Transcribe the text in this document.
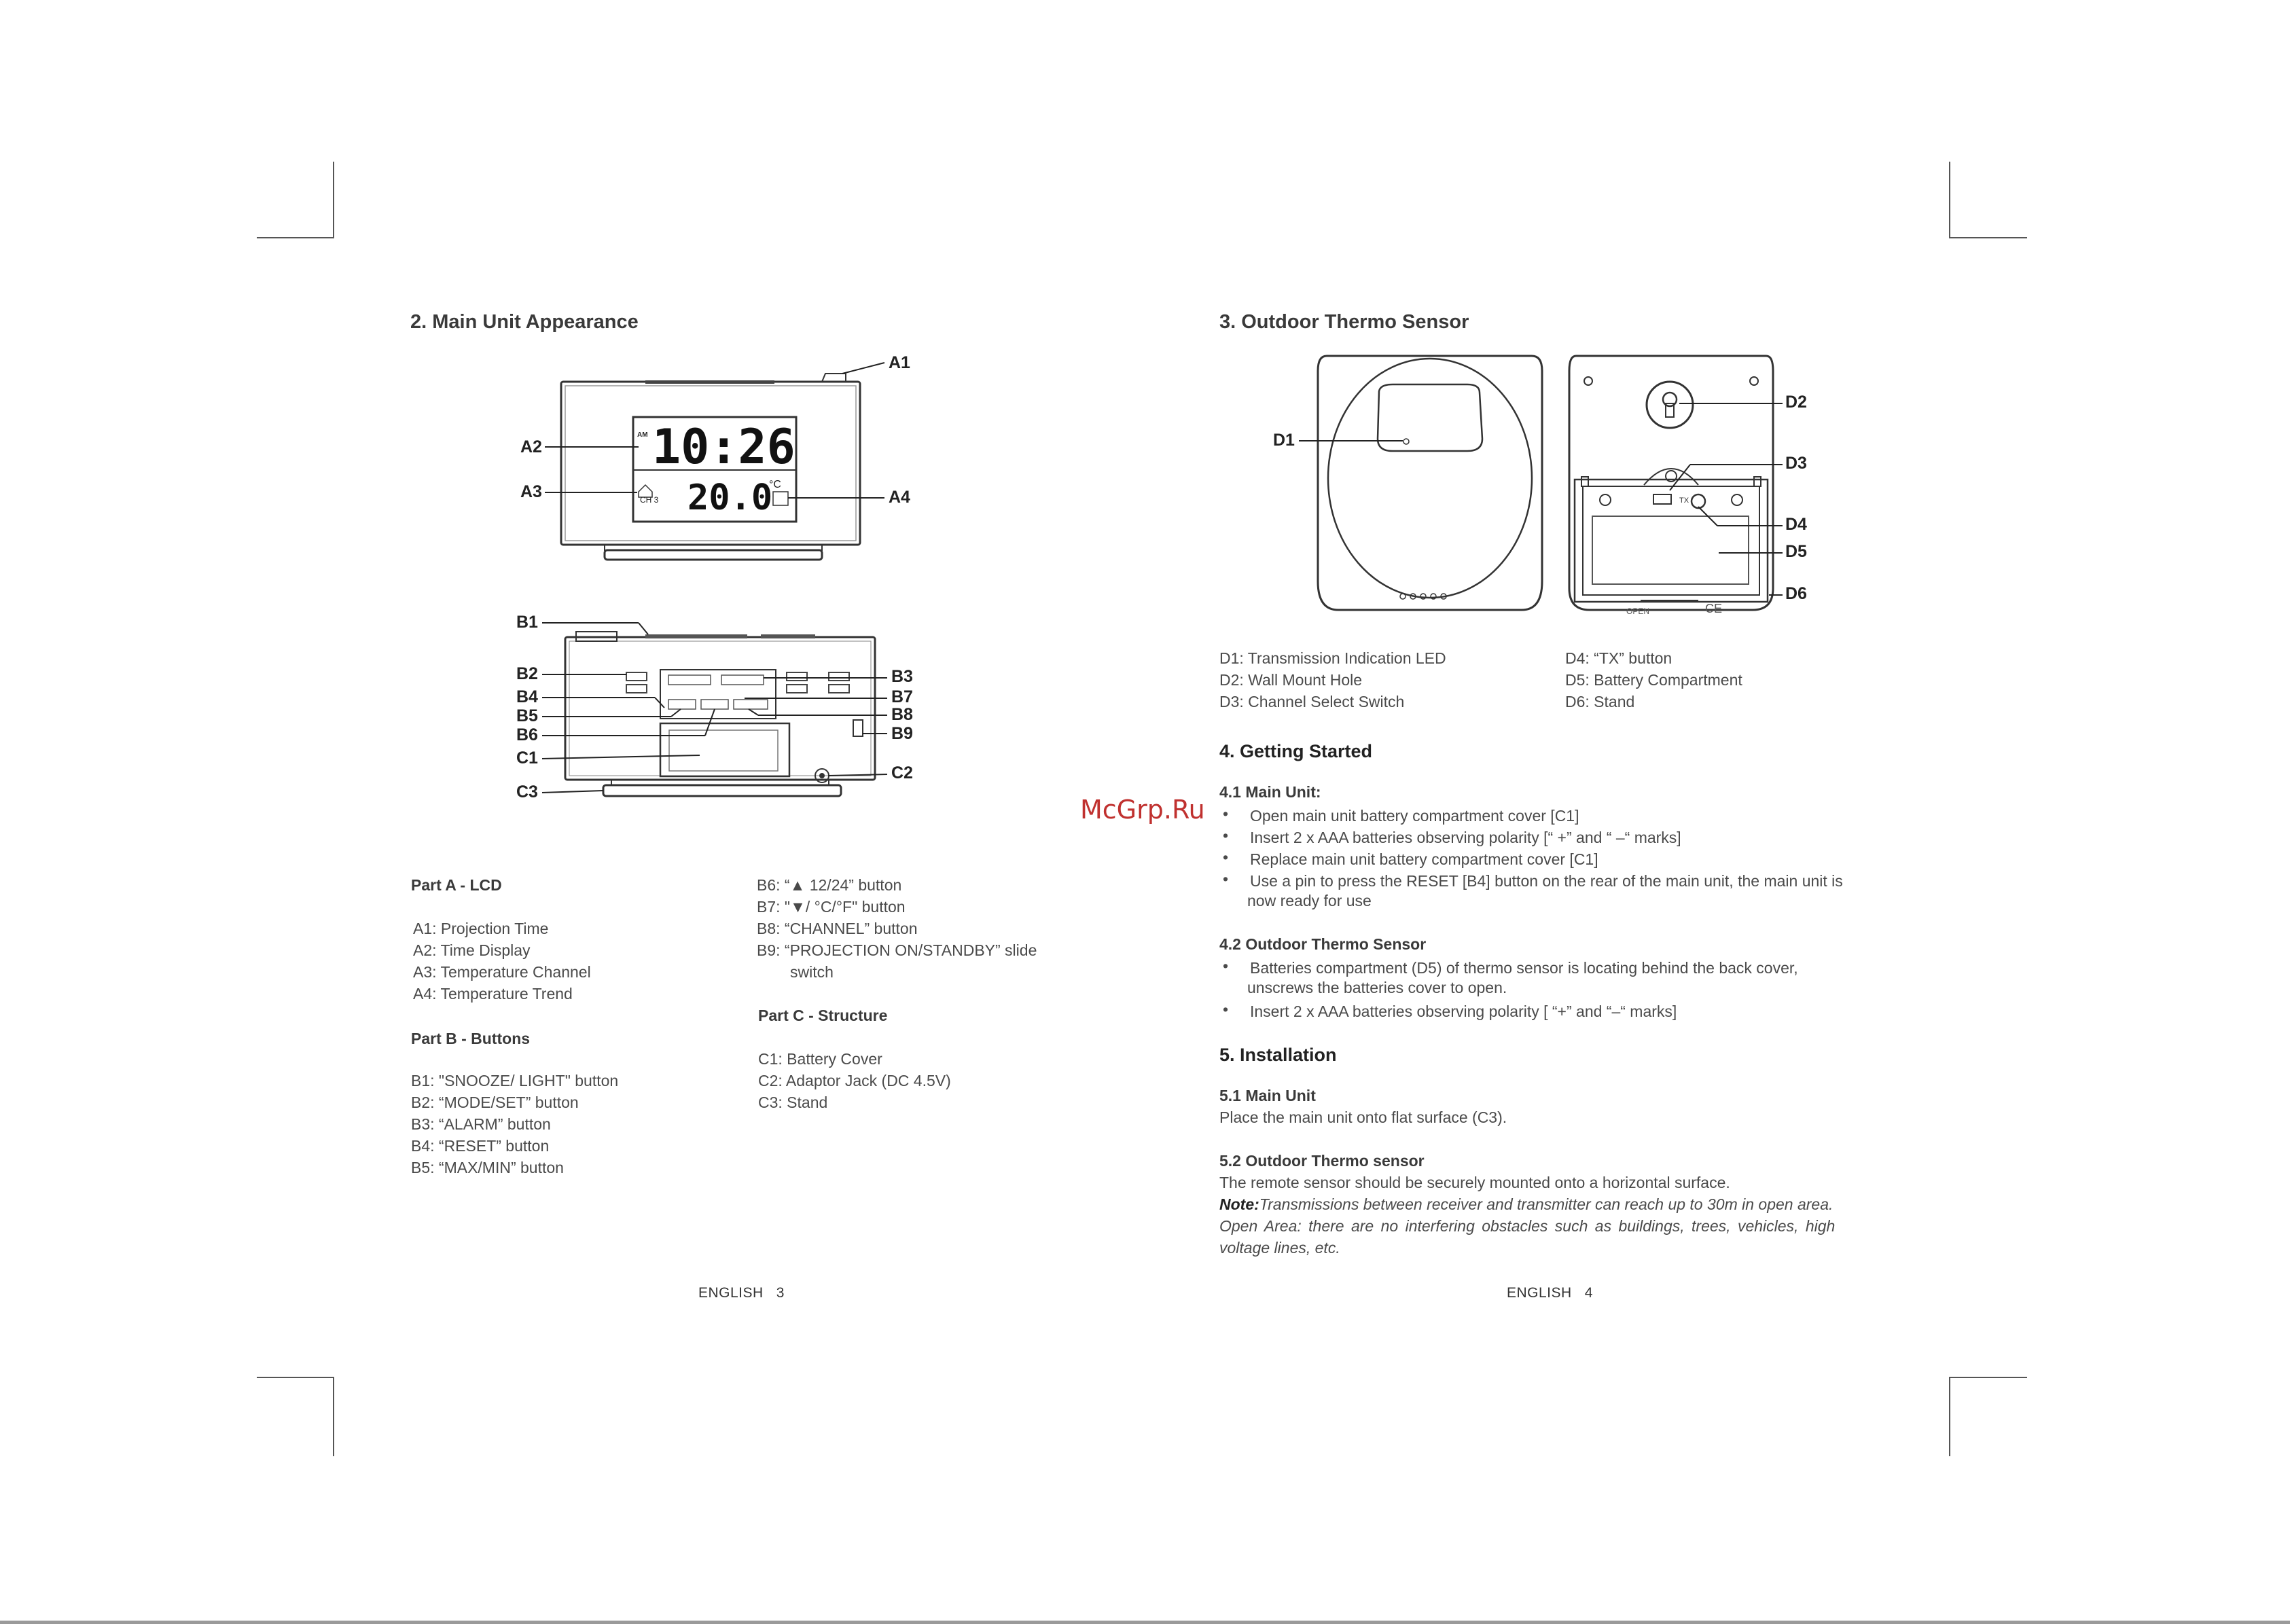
2. Main Unit Appearance
AM 10:26
20.0
°C
CH 3
A1
A2
A3	A4
B1
B2	B3
B4	B7
B5	B8
B6	B9
C1
C2
C3
Part A - LCD
A1: Projection Time
A2: Time Display
A3: Temperature Channel
A4: Temperature Trend
Part B - Buttons
B1: "SNOOZE/ LIGHT" button
B2: “MODE/SET” button
B3: “ALARM” button
B4: “RESET” button
B5: “MAX/MIN” button
B6: “▲ 12/24” button
B7: "▼/ °C/°F" button
B8: “CHANNEL” button
B9: “PROJECTION ON/STANDBY” slide
switch
Part C - Structure
C1: Battery Cover
C2: Adaptor Jack (DC 4.5V)
C3: Stand
ENGLISH   3
McGrp.Ru
3. Outdoor Thermo Sensor
D1
TX
OPEN	CE
D2
D3
D4
D5
D6
D1: Transmission Indication LED
D2: Wall Mount Hole
D3: Channel Select Switch
D4: “TX” button
D5: Battery Compartment
D6: Stand
4. Getting Started
4.1 Main Unit:
• Open main unit battery compartment cover [C1]
• Insert 2 x AAA batteries observing polarity [“ +” and “ –“ marks]
• Replace main unit battery compartment cover [C1]
• Use a pin to press the RESET [B4] button on the rear of the main unit, the main unit is
now ready for use
4.2 Outdoor Thermo Sensor
• Batteries compartment (D5) of thermo sensor is locating behind the back cover,
unscrews the batteries cover to open.
• Insert 2 x AAA batteries observing polarity [ “+” and “–“ marks]
5. Installation
5.1 Main Unit
Place the main unit onto flat surface (C3).
5.2 Outdoor Thermo sensor
The remote sensor should be securely mounted onto a horizontal surface.
Note:Transmissions between receiver and transmitter can reach up to 30m in open area.
Open Area: there are no interfering obstacles such as buildings, trees, vehicles, high
voltage lines, etc.
ENGLISH   4
